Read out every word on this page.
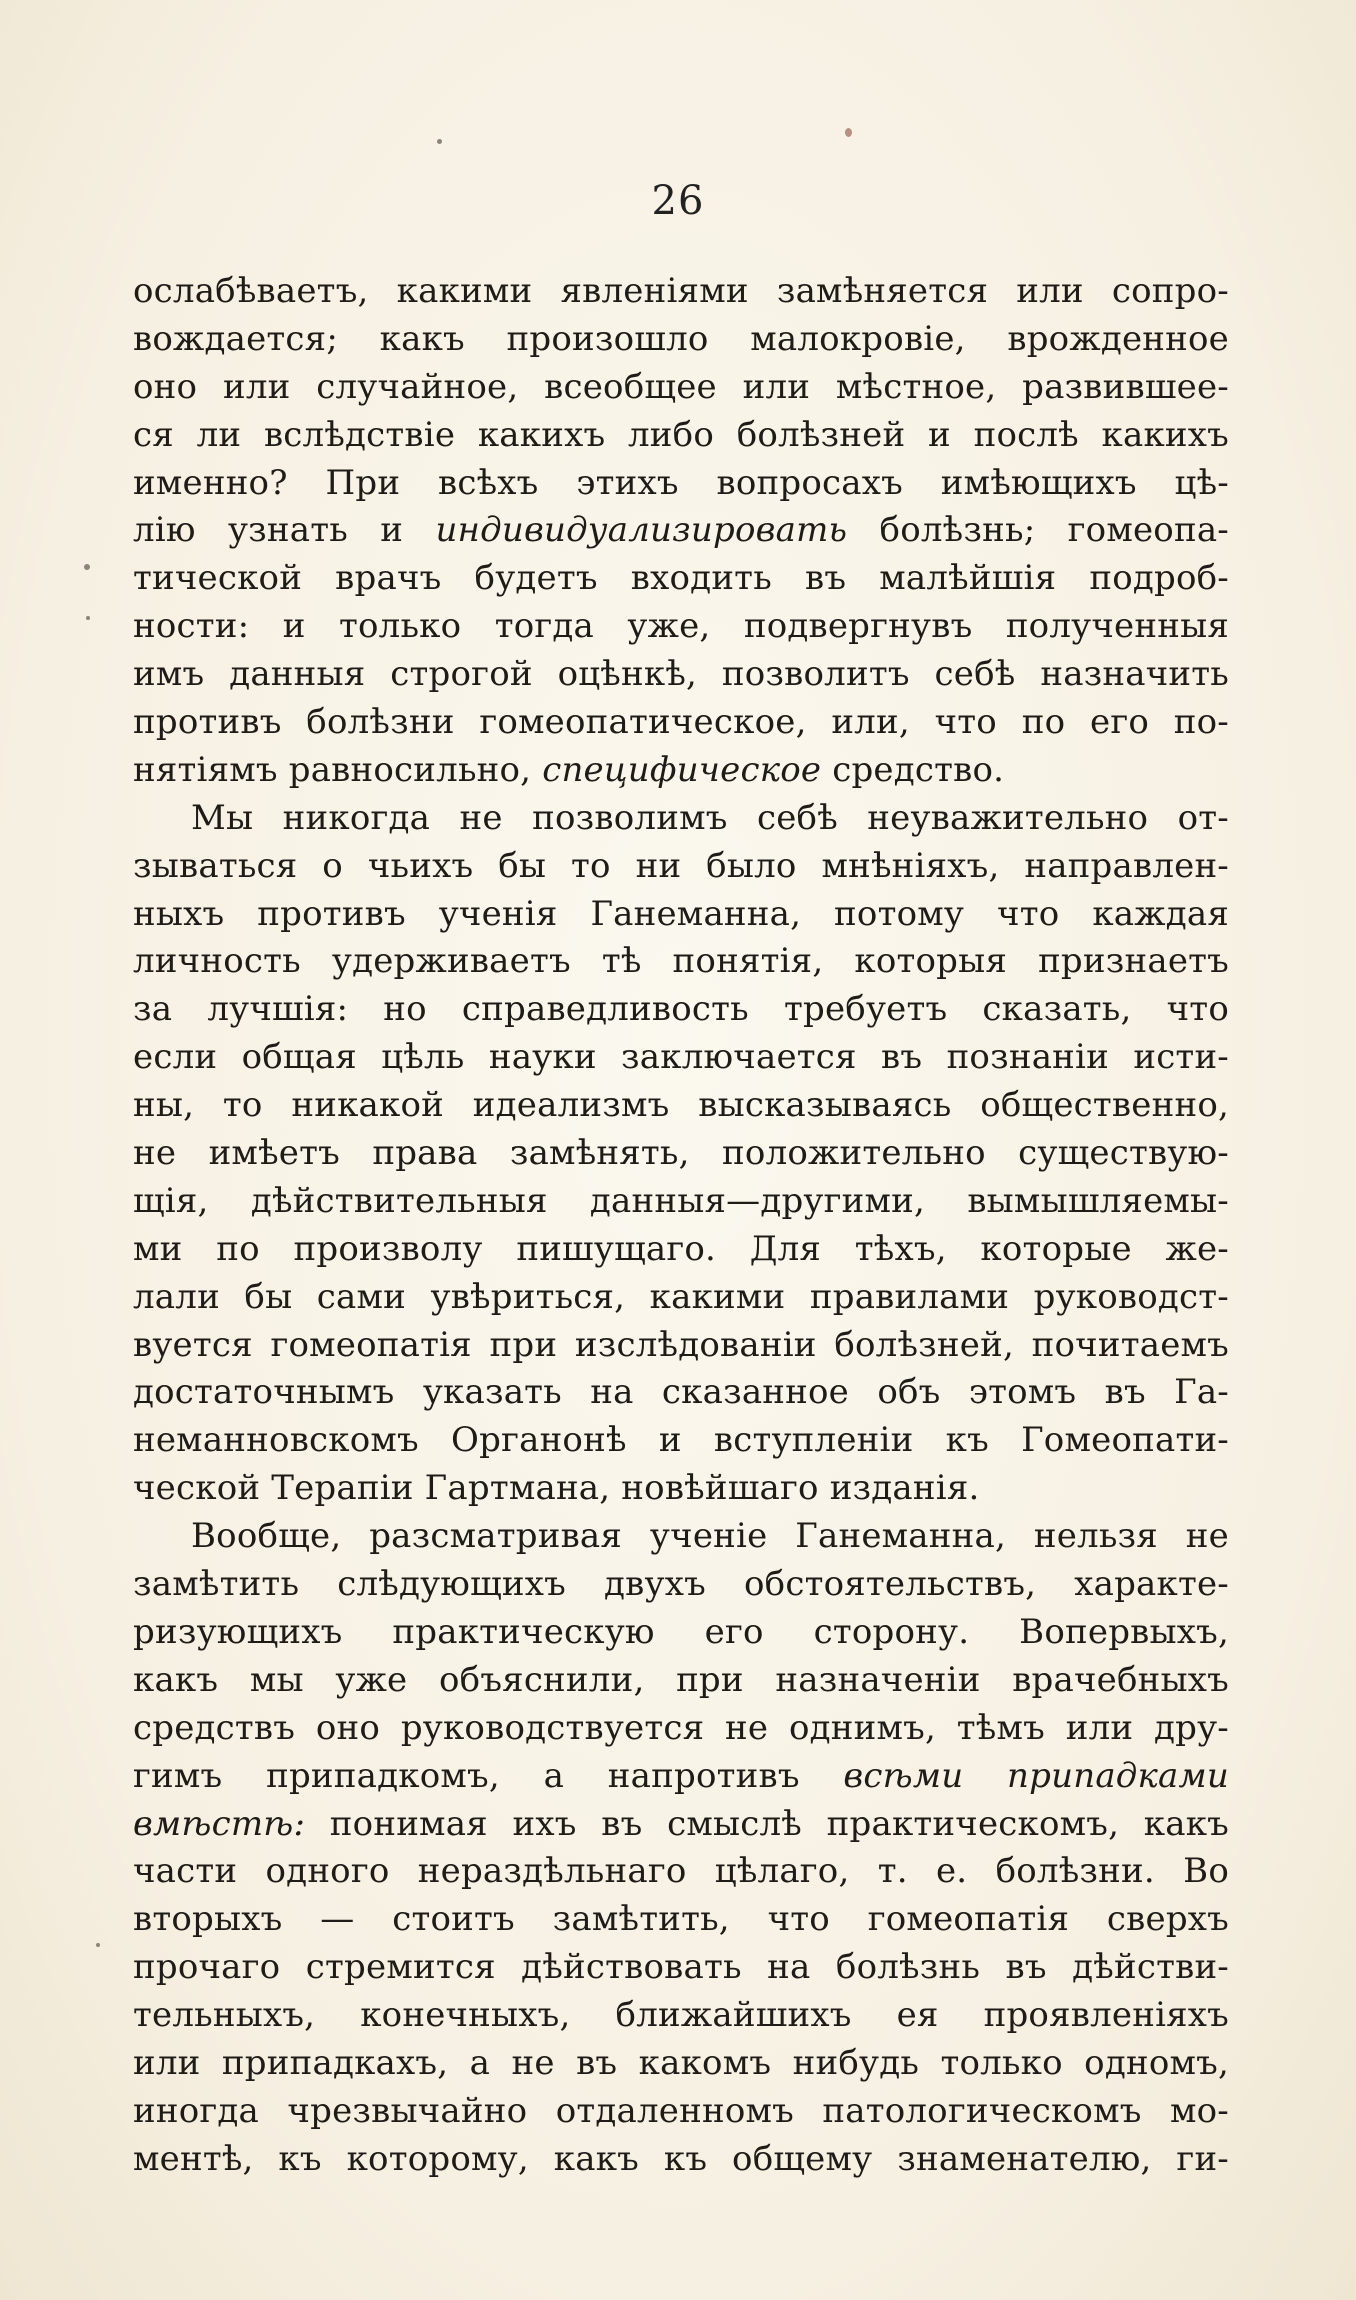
26
ослабѣваетъ, какими явленіями замѣняется или сопро-
вождается; какъ произошло малокровіе, врожденное
оно или случайное, всеобщее или мѣстное, развившее-
ся ли вслѣдствіе какихъ либо болѣзней и послѣ какихъ
именно? При всѣхъ этихъ вопросахъ имѣющихъ цѣ-
лію узнать и индивидуализировать болѣзнь; гомеопа-
тической врачъ будетъ входить въ малѣйшія подроб-
ности: и только тогда уже, подвергнувъ полученныя
имъ данныя строгой оцѣнкѣ, позволитъ себѣ назначить
противъ болѣзни гомеопатическое, или, что по его по-
нятіямъ равносильно, специфическое средство.
Мы никогда не позволимъ себѣ неуважительно от-
зываться о чьихъ бы то ни было мнѣніяхъ, направлен-
ныхъ противъ ученія Ганеманна, потому что каждая
личность удерживаетъ тѣ понятія, которыя признаетъ
за лучшія: но справедливость требуетъ сказать, что
если общая цѣль науки заключается въ познаніи исти-
ны, то никакой идеализмъ высказываясь общественно,
не имѣетъ права замѣнять, положительно существую-
щія, дѣйствительныя данныя—другими, вымышляемы-
ми по произволу пишущаго. Для тѣхъ, которые же-
лали бы сами увѣриться, какими правилами руководст-
вуется гомеопатія при изслѣдованіи болѣзней, почитаемъ
достаточнымъ указать на сказанное объ этомъ въ Га-
неманновскомъ Органонѣ и вступленіи къ Гомеопати-
ческой Терапіи Гартмана, новѣйшаго изданія.
Вообще, разсматривая ученіе Ганеманна, нельзя не
замѣтить слѣдующихъ двухъ обстоятельствъ, характе-
ризующихъ практическую его сторону. Вопервыхъ,
какъ мы уже объяснили, при назначеніи врачебныхъ
средствъ оно руководствуется не однимъ, тѣмъ или дру-
гимъ припадкомъ, а напротивъ всѣми припадками
вмѣстѣ: понимая ихъ въ смыслѣ практическомъ, какъ
части одного нераздѣльнаго цѣлаго, т. е. болѣзни. Во
вторыхъ — стоитъ замѣтить, что гомеопатія сверхъ
прочаго стремится дѣйствовать на болѣзнь въ дѣйстви-
тельныхъ, конечныхъ, ближайшихъ ея проявленіяхъ
или припадкахъ, а не въ какомъ нибудь только одномъ,
иногда чрезвычайно отдаленномъ патологическомъ мо-
ментѣ, къ которому, какъ къ общему знаменателю, ги-
